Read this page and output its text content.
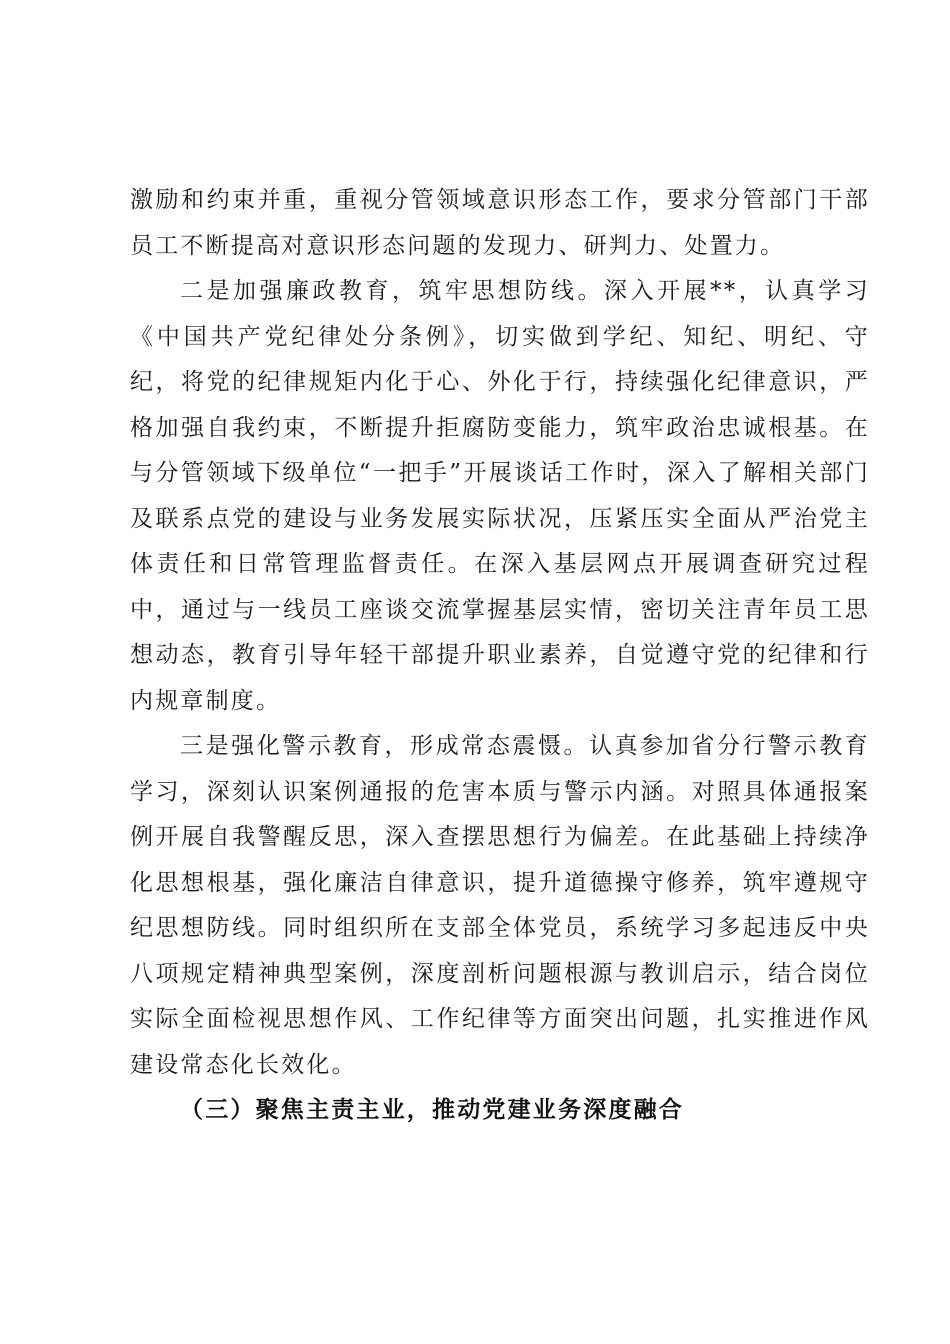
激励和约束并重，重视分管领域意识形态工作，要求分管部门干部员工不断提高对意识形态问题的发现力、研判力、处置力。

二是加强廉政教育，筑牢思想防线。深入开展**，认真学习《中国共产党纪律处分条例》，切实做到学纪、知纪、明纪、守纪，将党的纪律规矩内化于心、外化于行，持续强化纪律意识，严格加强自我约束，不断提升拒腐防变能力，筑牢政治忠诚根基。在与分管领域下级单位“一把手”开展谈话工作时，深入了解相关部门及联系点党的建设与业务发展实际状况，压紧压实全面从严治党主体责任和日常管理监督责任。在深入基层网点开展调查研究过程中，通过与一线员工座谈交流掌握基层实情，密切关注青年员工思想动态，教育引导年轻干部提升职业素养，自觉遵守党的纪律和行内规章制度。

三是强化警示教育，形成常态震慑。认真参加省分行警示教育学习，深刻认识案例通报的危害本质与警示内涵。对照具体通报案例开展自我警醒反思，深入查摆思想行为偏差。在此基础上持续净化思想根基，强化廉洁自律意识，提升道德操守修养，筑牢遵规守纪思想防线。同时组织所在支部全体党员，系统学习多起违反中央八项规定精神典型案例，深度剖析问题根源与教训启示，结合岗位实际全面检视思想作风、工作纪律等方面突出问题，扎实推进作风建设常态化长效化。

（三）聚焦主责主业，推动党建业务深度融合
